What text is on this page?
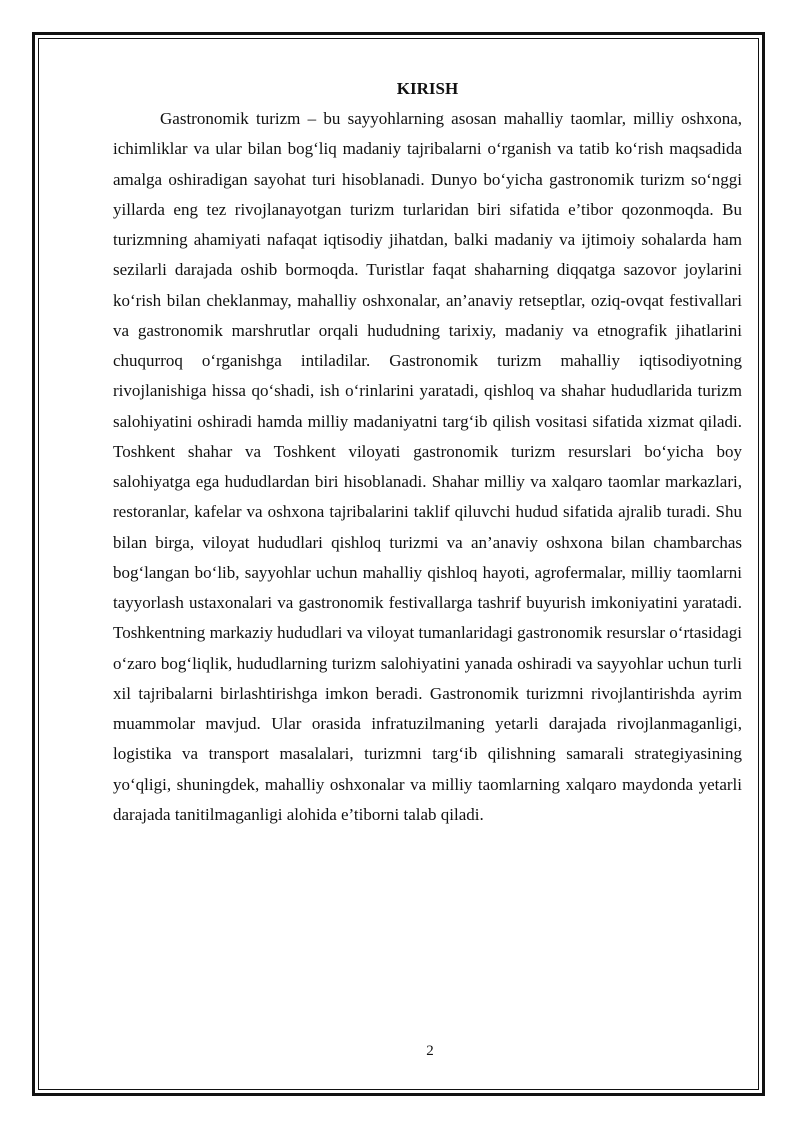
KIRISH

Gastronomik turizm – bu sayyohlarning asosan mahalliy taomlar, milliy oshxona, ichimliklar va ular bilan bog‘liq madaniy tajribalarni o‘rganish va tatib ko‘rish maqsadida amalga oshiradigan sayohat turi hisoblanadi. Dunyo bo‘yicha gastronomik turizm so‘nggi yillarda eng tez rivojlanayotgan turizm turlaridan biri sifatida e’tibor qozonmoqda. Bu turizmning ahamiyati nafaqat iqtisodiy jihatdan, balki madaniy va ijtimoiy sohalarda ham sezilarli darajada oshib bormoqda. Turistlar faqat shaharning diqqatga sazovor joylarini ko‘rish bilan cheklanmay, mahalliy oshxonalar, an’anaviy retseptlar, oziq-ovqat festivallari va gastronomik marshrutlar orqali hududning tarixiy, madaniy va etnografik jihatlarini chuqurroq o‘rganishga intiladilar. Gastronomik turizm mahalliy iqtisodiyotning rivojlanishiga hissa qo‘shadi, ish o‘rinlarini yaratadi, qishloq va shahar hududlarida turizm salohiyatini oshiradi hamda milliy madaniyatni targ‘ib qilish vositasi sifatida xizmat qiladi. Toshkent shahar va Toshkent viloyati gastronomik turizm resurslari bo‘yicha boy salohiyatga ega hududlardan biri hisoblanadi. Shahar milliy va xalqaro taomlar markazlari, restoranlar, kafelar va oshxona tajribalarini taklif qiluvchi hudud sifatida ajralib turadi. Shu bilan birga, viloyat hududlari qishloq turizmi va an’anaviy oshxona bilan chambarchas bog‘langan bo‘lib, sayyohlar uchun mahalliy qishloq hayoti, agrofermalar, milliy taomlarni tayyorlash ustaxonalari va gastronomik festivallarga tashrif buyurish imkoniyatini yaratadi. Toshkentning markaziy hududlari va viloyat tumanlaridagi gastronomik resurslar o‘rtasidagi o‘zaro bog‘liqlik, hududlarning turizm salohiyatini yanada oshiradi va sayyohlar uchun turli xil tajribalarni birlashtirishga imkon beradi. Gastronomik turizmni rivojlantirishda ayrim muammolar mavjud. Ular orasida infratuzilmaning yetarli darajada rivojlanmaganligi, logistika va transport masalalari, turizmni targ‘ib qilishning samarali strategiyasining yo‘qligi, shuningdek, mahalliy oshxonalar va milliy taomlarning xalqaro maydonda yetarli darajada tanitilmaganligi alohida e’tiborni talab qiladi.

2
